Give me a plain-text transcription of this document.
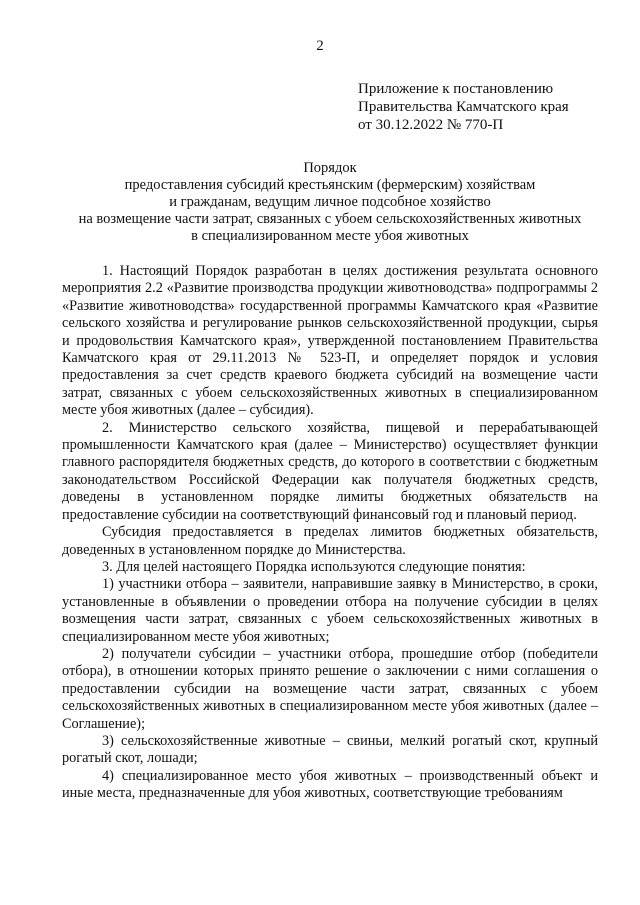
2
Приложение к постановлению
Правительства Камчатского края
от 30.12.2022 № 770-П
Порядок
предоставления субсидий крестьянским (фермерским) хозяйствам
и гражданам, ведущим личное подсобное хозяйство
на возмещение части затрат, связанных с убоем сельскохозяйственных животных
в специализированном месте убоя животных

1. Настоящий Порядок разработан в целях достижения результата основного мероприятия 2.2 «Развитие производства продукции животноводства» подпрограммы 2 «Развитие животноводства» государственной программы Камчатского края «Развитие сельского хозяйства и регулирование рынков сельскохозяйственной продукции, сырья и продовольствия Камчатского края», утвержденной постановлением Правительства Камчатского края от 29.11.2013 № 523-П, и определяет порядок и условия предоставления за счет средств краевого бюджета субсидий на возмещение части затрат, связанных с убоем сельскохозяйственных животных в специализированном месте убоя животных (далее – субсидия).

2. Министерство сельского хозяйства, пищевой и перерабатывающей промышленности Камчатского края (далее – Министерство) осуществляет функции главного распорядителя бюджетных средств, до которого в соответствии с бюджетным законодательством Российской Федерации как получателя бюджетных средств, доведены в установленном порядке лимиты бюджетных обязательств на предоставление субсидии на соответствующий финансовый год и плановый период.

Субсидия предоставляется в пределах лимитов бюджетных обязательств, доведенных в установленном порядке до Министерства.

3. Для целей настоящего Порядка используются следующие понятия:

1) участники отбора – заявители, направившие заявку в Министерство, в сроки, установленные в объявлении о проведении отбора на получение субсидии в целях возмещения части затрат, связанных с убоем сельскохозяйственных животных в специализированном месте убоя животных;

2) получатели субсидии – участники отбора, прошедшие отбор (победители отбора), в отношении которых принято решение о заключении с ними соглашения о предоставлении субсидии на возмещение части затрат, связанных с убоем сельскохозяйственных животных в специализированном месте убоя животных (далее – Соглашение);

3) сельскохозяйственные животные – свиньи, мелкий рогатый скот, крупный рогатый скот, лошади;

4) специализированное место убоя животных – производственный объект и иные места, предназначенные для убоя животных, соответствующие требованиям
